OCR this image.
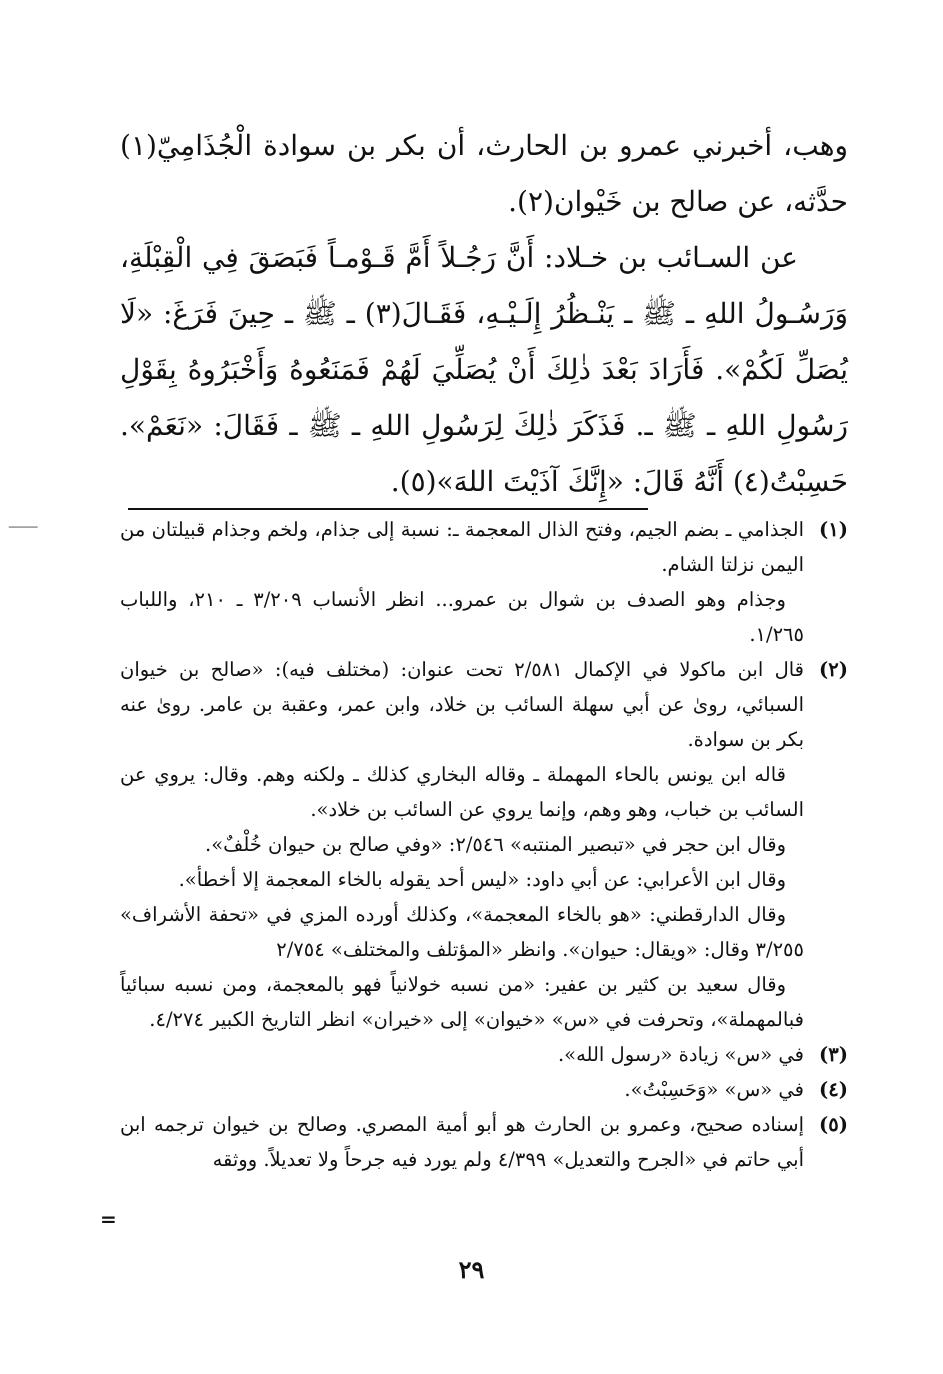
وهب، أخبرني عمرو بن الحارث، أن بكر بن سوادة الْجُذَامِيّ(١) حدَّثه، عن صالح بن خَيْوان(٢).

عن السـائب بن خـلاد: أَنَّ رَجُـلاً أَمَّ قَـوْمـاً فَبَصَقَ فِي الْقِبْلَةِ، وَرَسُـولُ اللهِ ـ ﷺ ـ يَنْـظُرُ إِلَـيْـهِ، فَقَـالَ(٣) ـ ﷺ ـ حِينَ فَرَغَ: «لَا يُصَلِّ لَكُمْ». فَأَرَادَ بَعْدَ ذٰلِكَ أَنْ يُصَلِّيَ لَهُمْ فَمَنَعُوهُ وَأَخْبَرُوهُ بِقَوْلِ رَسُولِ اللهِ ـ ﷺ ـ. فَذَكَرَ ذٰلِكَ لِرَسُولِ اللهِ ـ ﷺ ـ فَقَالَ: «نَعَمْ». حَسِبْتُ(٤) أَنَّهُ قَالَ: «إِنَّكَ آذَيْتَ اللهَ»(٥).

(١)

الجذامي ـ بضم الجيم، وفتح الذال المعجمة ـ: نسبة إلى جذام، ولخم وجذام قبيلتان من اليمن نزلتا الشام.

وجذام وهو الصدف بن شوال بن عمرو... انظر الأنساب ٣/٢٠٩ ـ ٢١٠، واللباب ١/٢٦٥.

(٢)

قال ابن ماكولا في الإكمال ٢/٥٨١ تحت عنوان: (مختلف فيه): «صالح بن خيوان السبائي، روىٰ عن أبي سهلة السائب بن خلاد، وابن عمر، وعقبة بن عامر. روىٰ عنه بكر بن سوادة.

قاله ابن يونس بالحاء المهملة ـ وقاله البخاري كذلك ـ ولكنه وهم. وقال: يروي عن السائب بن خباب، وهو وهم، وإنما يروي عن السائب بن خلاد».

وقال ابن حجر في «تبصير المنتبه» ٢/٥٤٦: «وفي صالح بن حيوان خُلْفٌ».

وقال ابن الأعرابي: عن أبي داود: «ليس أحد يقوله بالخاء المعجمة إلا أخطأ».

وقال الدارقطني: «هو بالخاء المعجمة»، وكذلك أورده المزي في «تحفة الأشراف» ٣/٢٥٥ وقال: «ويقال: حيوان». وانظر «المؤتلف والمختلف» ٢/٧٥٤

وقال سعيد بن كثير بن عفير: «من نسبه خولانياً فهو بالمعجمة، ومن نسبه سبائياً فبالمهملة»، وتحرفت في «س» «خيوان» إلى «خيران» انظر التاريخ الكبير ٤/٢٧٤.

(٣)

في «س» زيادة «رسول الله».

(٤)

في «س» «وَحَسِبْتُ».

(٥)

إسناده صحيح، وعمرو بن الحارث هو أبو أمية المصري. وصالح بن خيوان ترجمه ابن أبي حاتم في «الجرح والتعديل» ٤/٣٩٩ ولم يورد فيه جرحاً ولا تعديلاً. ووثقه

=
٢٩
⸺
